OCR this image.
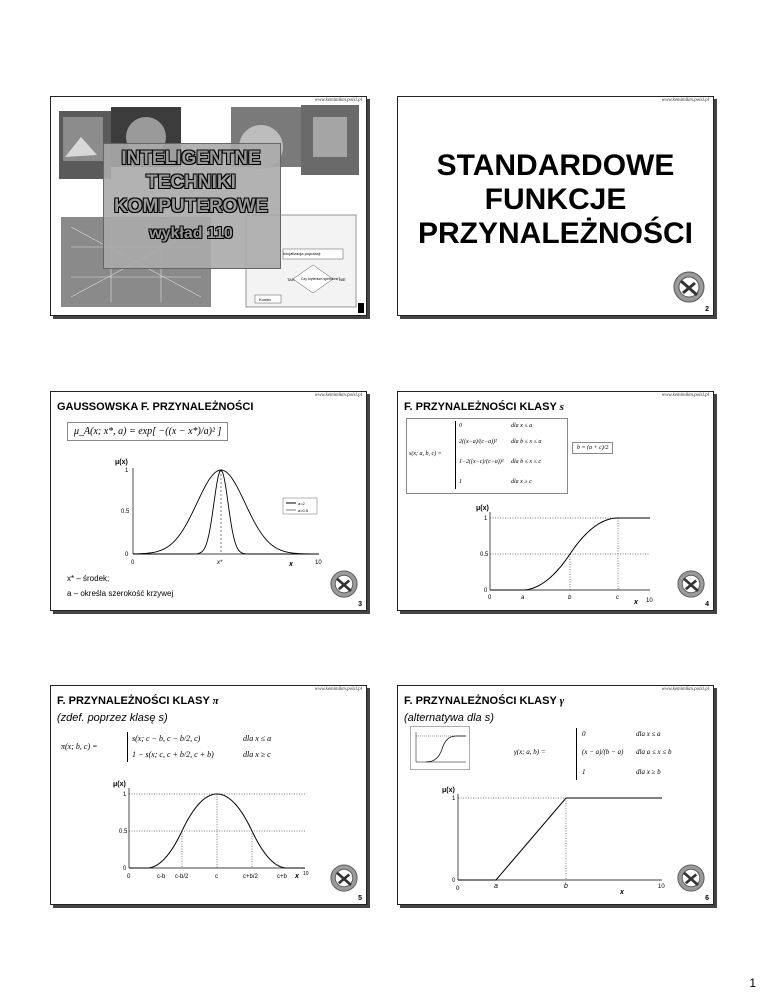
www.kemimikm.polsl.pl
Inicjalizacja populacji
Czy kryterium spełnione?
TAK	NIE
Koniec
INTELIGENTNE
TECHNIKI
KOMPUTEROWE
wykład 110
www.kemimikm.polsl.pl
STANDARDOWE
FUNKCJE
PRZYNALEŻNOŚCI
2
www.kemimikm.polsl.pl
GAUSSOWSKA F. PRZYNALEŻNOŚCI
μ_A(x; x*, a) = exp[ −((x − x*)/a)² ]
μ(x)
1
0.5
0
0	x*	10
x
a=2
a=0.5
x* – środek;
a – określa szerokość krzywej
3
www.kemimikm.polsl.pl
F. PRZYNALEŻNOŚCI KLASY s
s(x; a, b, c) =
0	dla x ≤ a
2((x−a)/(c−a))² dla b ≤ x ≤ a
1−2((x−c)/(c−a))² dla b ≤ x ≤ c
1	dla x ≥ c
b = (a + c)/2
μ(x)
1
0.5
0
0	a	b	c	10
x	4
www.kemimikm.polsl.pl
F. PRZYNALEŻNOŚCI KLASY π
(zdef. poprzez klasę s)
π(x; b, c) =
s(x; c − b, c − b/2, c)	dla x ≤ a
1 − s(x; c, c + b/2, c + b)	dla x ≥ c
μ(x)
1
0.5
0
0	c-b c-b/2	c	c+b/2	c+b	10
x
5
www.kemimikm.polsl.pl
F. PRZYNALEŻNOŚCI KLASY γ
(alternatywa dla s)
γ(x; a, b) =
0	dla x ≤ a
(x − a)/(b − a) dla a ≤ x ≤ b
1	dla x ≥ b
μ(x)
1
0
0	a	b	10
x
6
1
